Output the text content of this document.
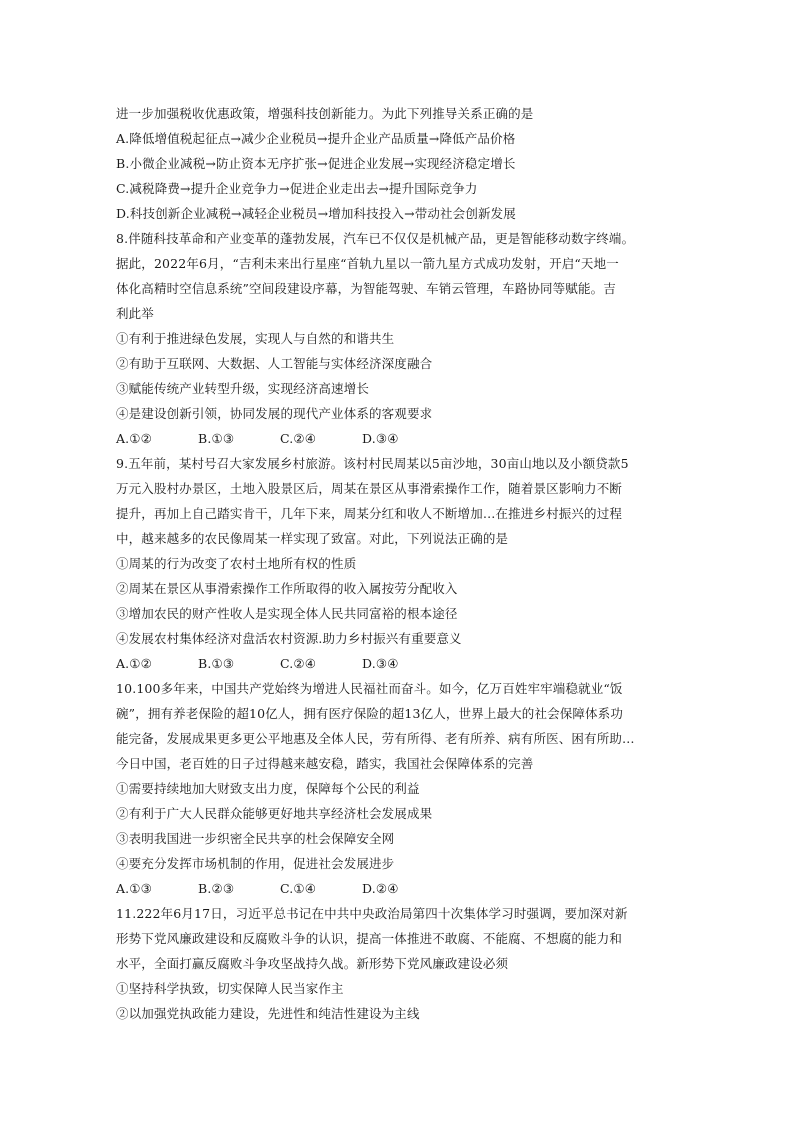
进一步加强税收优惠政策，增强科技创新能力。为此下列推导关系正确的是
A.降低增值税起征点→减少企业税员→提升企业产品质量→降低产品价格
B.小微企业减税→防止资本无序扩张→促进企业发展→实现经济稳定增长
C.减税降费→提升企业竞争力→促进企业走出去→提升国际竞争力
D.科技创新企业减税→减轻企业税员→增加科技投入→带动社会创新发展
8.伴随科技革命和产业变革的蓬勃发展，汽车已不仅仅是机械产品，更是智能移动数字终端。
据此，2022年6月，“吉利未来出行星座“首轨九星以一箭九星方式成功发射，开启“天地一
体化高精时空信息系统”空间段建设序幕，为智能驾驶、车销云管理，车路协同等赋能。吉
利此举
①有利于推进绿色发展，实现人与自然的和谐共生
②有助于互联网、大数据、人工智能与实体经济深度融合
③赋能传统产业转型升级，实现经济高速增长
④是建设创新引领，协同发展的现代产业体系的客观要求
A.①②	B.①③	C.②④	D.③④
9.五年前，某村号召大家发展乡村旅游。该村村民周某以5亩沙地，30亩山地以及小额贷款5
万元入股村办景区，土地入股景区后，周某在景区从事滑索操作工作，随着景区影响力不断
提升，再加上自己踏实肯干，几年下来，周某分红和收人不断增加…在推进乡村振兴的过程
中，越来越多的农民像周某一样实现了致富。对此，下列说法正确的是
①周某的行为改变了农村土地所有权的性质
②周某在景区从事滑索操作工作所取得的收入属按劳分配收入
③增加农民的财产性收人是实现全体人民共同富裕的根本途径
④发展农村集体经济对盘活农村资源.助力乡村振兴有重要意义
A.①②	B.①③	C.②④	D.③④
10.100多年来，中国共产党始终为增进人民福社而奋斗。如今，亿万百姓牢牢端稳就业“饭
碗”，拥有养老保险的超10亿人，拥有医疗保险的超13亿人，世界上最大的社会保障体系功
能完备，发展成果更多更公平地惠及全体人民，劳有所得、老有所养、病有所医、困有所助…
今日中国，老百姓的日子过得越来越安稳，踏实，我国社会保障体系的完善
①需要持续地加大财致支出力度，保障每个公民的利益
②有利于广大人民群众能够更好地共享经济杜会发展成果
③表明我国进一步织密全民共享的杜会保障安全网
④要充分发挥市场机制的作用，促进社会发展进步
A.①③	B.②③	C.①④	D.②④
11.222年6月17日，习近平总书记在中共中央政治局第四十次集体学习时强调，要加深对新
形势下党风廉政建设和反腐败斗争的认识，提高一体推进不敢腐、不能腐、不想腐的能力和
水平，全面打赢反腐败斗争攻坚战持久战。新形势下党风廉政建设必须
①坚持科学执致，切实保障人民当家作主
②以加强党执政能力建设，先进性和纯洁性建设为主线
